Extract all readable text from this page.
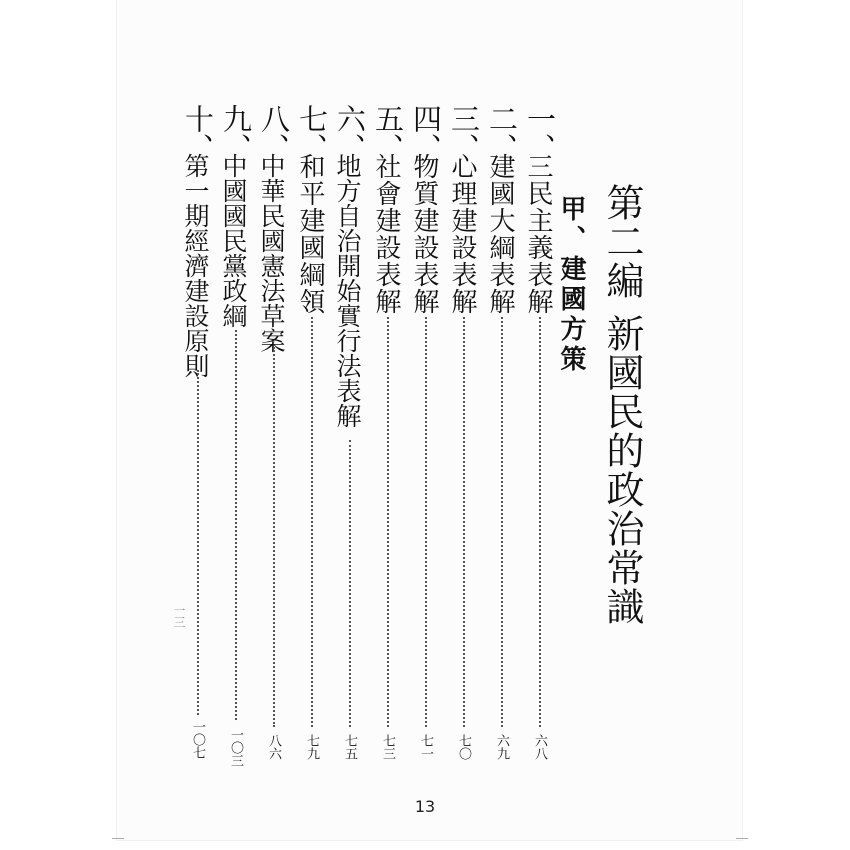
第二編新國民的政治常識
甲、建國方策
一、
三民主義表解
六八
二、
建國大綱表解
六九
三、
心理建設表解
七〇
四、
物質建設表解
七一
五、
社會建設表解
七三
六、
地方自治開始實行法表解
七五
七、
和平建國綱領
七九
八、
中華民國憲法草案
八六
九、
中國國民黨政綱
一〇三
十、
第一期經濟建設原則
一〇七
一三
13
